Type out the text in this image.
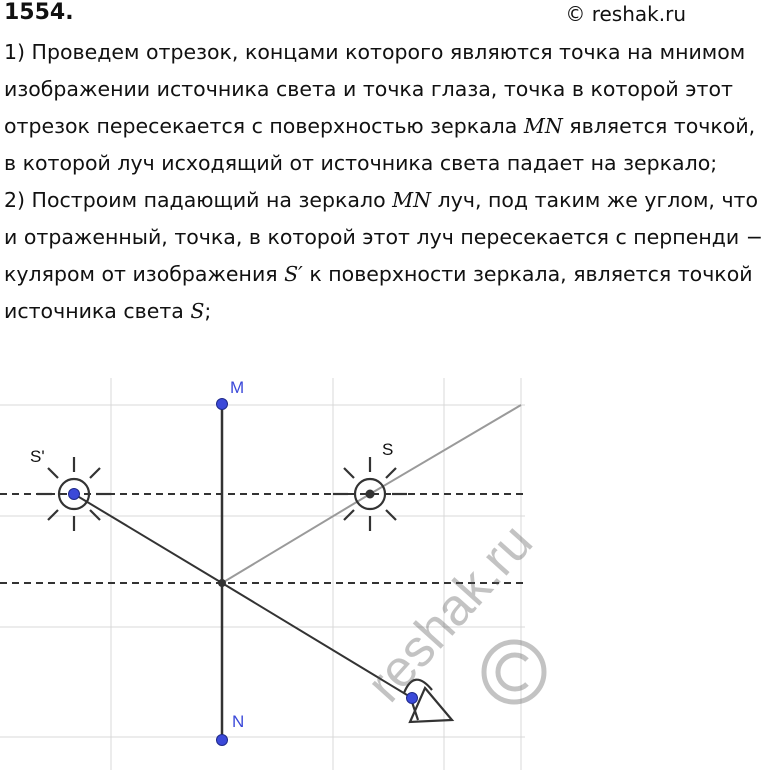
1554.	© reshak.ru
1) Проведем отрезок, концами которого являются точка на мнимом
изображении источника света и точка глаза, точка в которой этот
отрезок пересекается с поверхностью зеркала MN является точкой,
в которой луч исходящий от источника света падает на зеркало;
2) Построим падающий на зеркало MN луч, под таким же углом, что
и отраженный, точка, в которой этот луч пересекается с перпенди −
куляром от изображения S′ к поверхности зеркала, является точкой
источника света S;
M
N
S'	S
reshak.ru
